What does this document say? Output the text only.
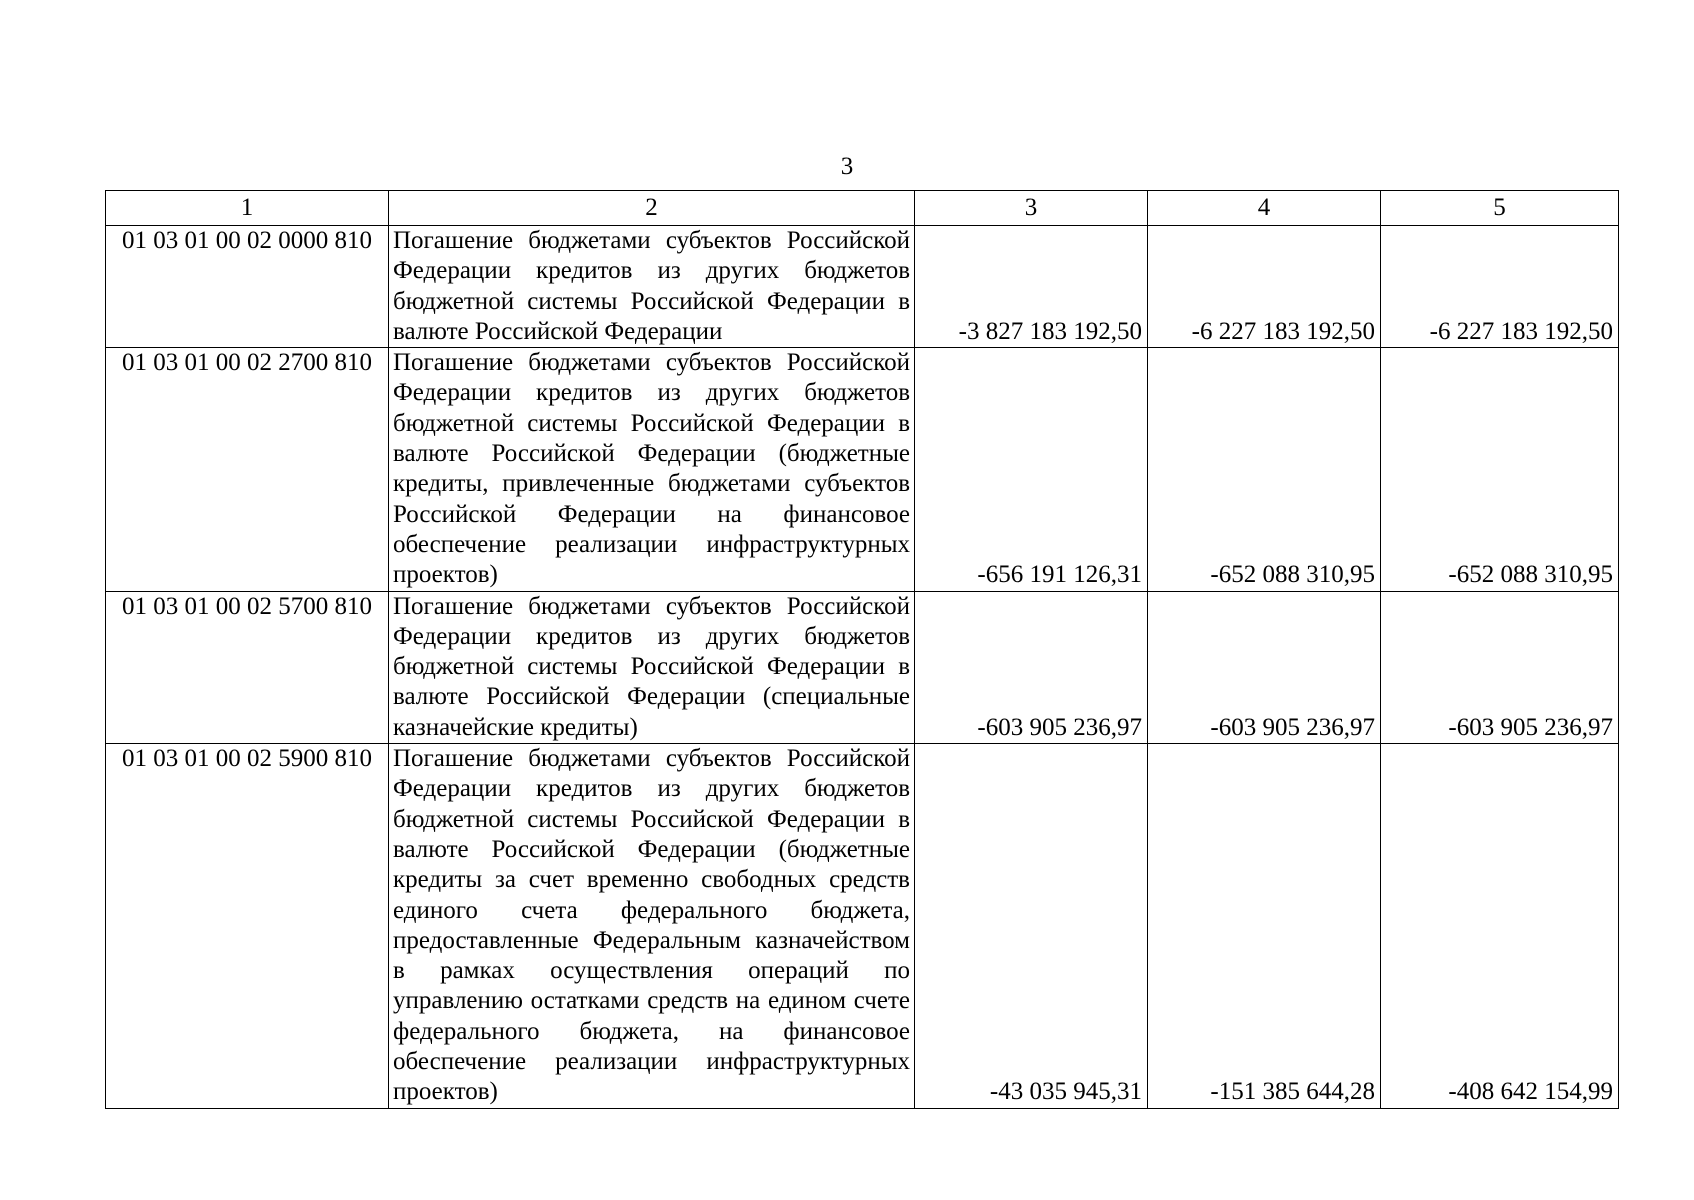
3
1	2	3	4	5
01 03 01 00 02 0000 810	Погашение бюджетами субъектов Российской Федерации кредитов из других бюджетов бюджетной системы Российской Федерации в валюте Российской Федерации	-3 827 183 192,50	-6 227 183 192,50	-6 227 183 192,50
01 03 01 00 02 2700 810	Погашение бюджетами субъектов Российской Федерации кредитов из других бюджетов бюджетной системы Российской Федерации в валюте Российской Федерации (бюджетные кредиты, привлеченные бюджетами субъектов Российской Федерации на финансовое обеспечение реализации инфраструктурных проектов)	-656 191 126,31	-652 088 310,95	-652 088 310,95
01 03 01 00 02 5700 810	Погашение бюджетами субъектов Российской Федерации кредитов из других бюджетов бюджетной системы Российской Федерации в валюте Российской Федерации (специальные казначейские кредиты)	-603 905 236,97	-603 905 236,97	-603 905 236,97
01 03 01 00 02 5900 810	Погашение бюджетами субъектов Российской Федерации кредитов из других бюджетов бюджетной системы Российской Федерации в валюте Российской Федерации (бюджетные кредиты за счет временно свободных средств единого счета федерального бюджета, предоставленные Федеральным казначейством в рамках осуществления операций по управлению остатками средств на едином счете федерального бюджета, на финансовое обеспечение реализации инфраструктурных проектов)	-43 035 945,31	-151 385 644,28	-408 642 154,99
